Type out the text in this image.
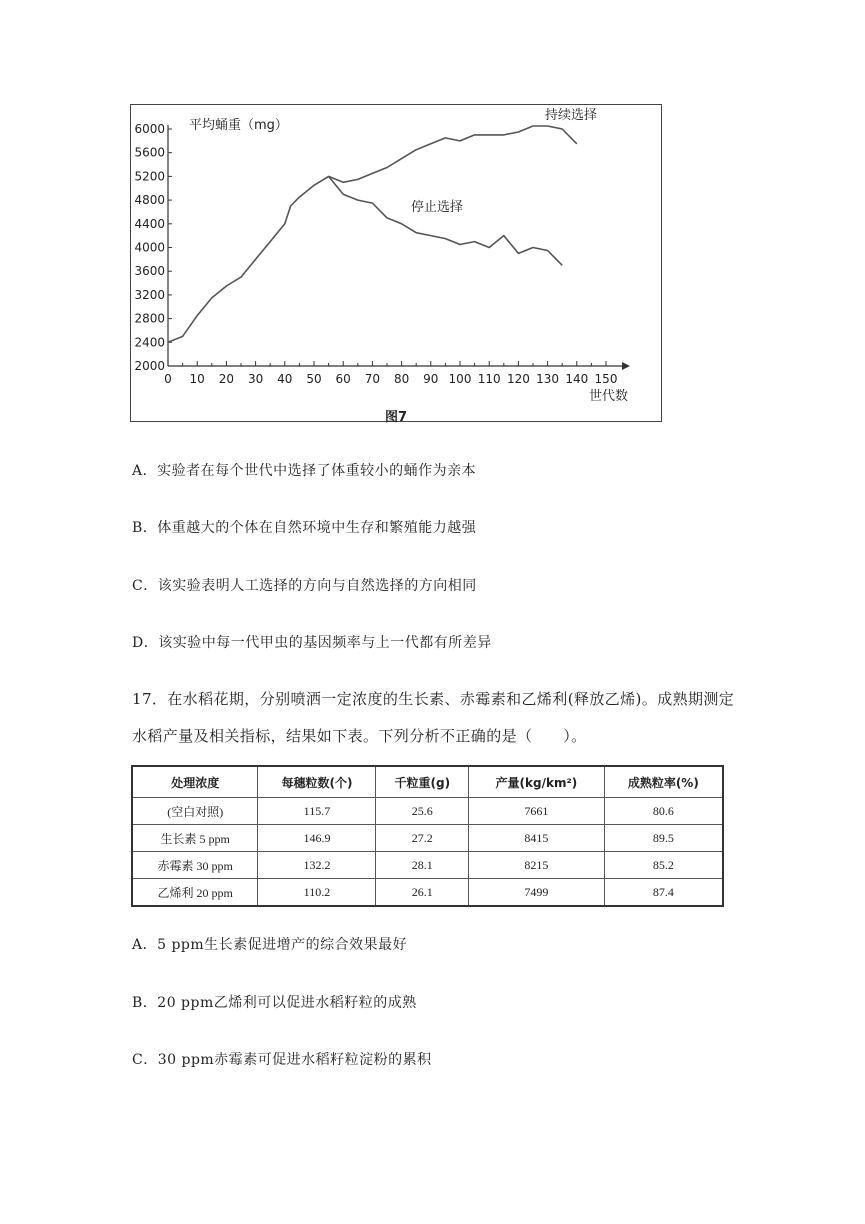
0 10 20 30 40 50 60 70 80 90 100 110 120 130 140 150
2000
2400
2800
3200
3600
4000
4400
4800
5200
5600
6000 平均蛹重（mg）
世代数
图7
持续选择
停止选择
A．实验者在每个世代中选择了体重较小的蛹作为亲本
B．体重越大的个体在自然环境中生存和繁殖能力越强
C．该实验表明人工选择的方向与自然选择的方向相同
D．该实验中每一代甲虫的基因频率与上一代都有所差异
17．在水稻花期，分别喷洒一定浓度的生长素、赤霉素和乙烯利(释放乙烯)。成熟期测定
水稻产量及相关指标，结果如下表。下列分析不正确的是（　　）。
处理浓度	每穗粒数(个)	千粒重(g)	产量(kg/km²)	成熟粒率(%)
(空白对照)	115.7	25.6	7661	80.6
生长素 5 ppm	146.9	27.2	8415	89.5
赤霉素 30 ppm	132.2	28.1	8215	85.2
乙烯利 20 ppm	110.2	26.1	7499	87.4
A．5 ppm生长素促进增产的综合效果最好
B．20 ppm乙烯利可以促进水稻籽粒的成熟
C．30 ppm赤霉素可促进水稻籽粒淀粉的累积
